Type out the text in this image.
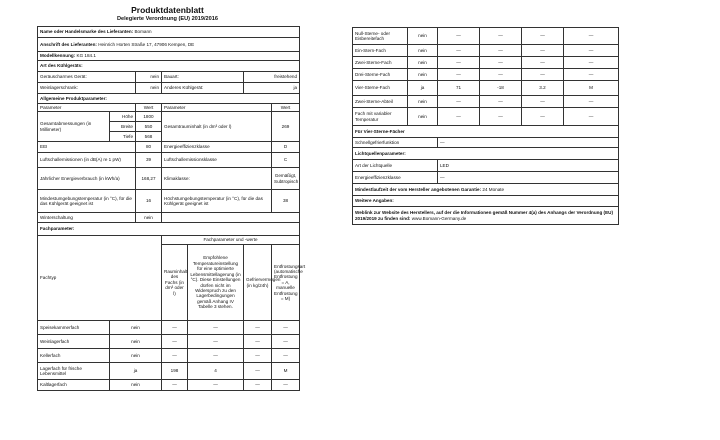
Produktdatenblatt
Delegierte Verordnung (EU) 2019/2016
Name oder Handelsmarke des Lieferanten: Bomann						
Anschrift des Lieferanten: Heinrich Horten Straße 17, 47906 Kempen, DE						
Modellkennung: KG 184.1						
Art des Kühlgeräts:						
Geräuscharmes Gerät:		nein	Bauart:		freistehend	
Weinlagerschrank:		nein	Anderes Kühlgerät:		ja	
Allgemeine Produktparameter:						
Parameter		Wert	Parameter			Wert
Gesamtabmessungen (in Millimeter)	Höhe	1800	Gesamtrauminhalt (in dm³ oder l)			269
	Breite	550				
	Tiefe	568				
EEI		80	Energieeffizienzklasse			D
Luftschallemissionen (in dB(A) re 1 pW)		39	Luftschallemissionsklasse			C
Jährlicher Energieverbrauch (in kWh/a)		168,27	Klimaklasse:			Gemäßigt,
Subtropisch
Mindestumgebungstemperatur (in °C), für die das Kühlgerät geeignet ist		16	Höchstumgebungstemperatur (in °C), für die das Kühlgerät geeignet ist			38
Winterschaltung		nein				
Fachparameter:						
Fachtyp			Fachparameter und -werte			
			Rauminhalt des Fachs (in dm³ oder l)	Empfohlene Temperatureinstellung für eine optimierte Lebensmittellagerung (in °C). Diese Einstellungen dürfen nicht im Widerspruch zu den Lagerbedingungen gemäß Anhang IV Tabelle 3 stehen.	Gefriervermögen (in kg/24h)	Entfrostungsart (automatische Entfrostung = A, manuelle Entfrostung = M)
Speisekammerfach	nein		—	—	—	—
Weinlagerfach	nein		—	—	—	—
Kellerfach	nein		—	—	—	—
Lagerfach für frische Lebensmittel	ja		198	4	—	M
Kaltlagerfach	nein		—	—	—	—
Null-Sterne- oder Eisbereitefach	nein	—	—	—	—
Ein-Stern-Fach	nein	—	—	—	—
Zwei-Sterne-Fach	nein	—	—	—	—
Drei-Sterne-Fach	nein	—	—	—	—
Vier-Sterne-Fach	ja	71	-18	3.2	M
Zwei-Sterne-Abteil	nein	—	—	—	—
Fach mit variabler Temperatur	nein	—	—	—	—
Für Vier-Sterne-Fächer					
Schnellgefrierfunktion		—			
Lichtquellenparameter:					
Art der Lichtquelle		LED			
Energieeffizienzklasse		—			
Mindestlaufzeit der vom Hersteller angebotenen Garantie: 24 Monate					
Weitere Angaben:					
Weblink zur Website des Herstellers, auf der die Informationen gemäß Nummer 4(a) des Anhangs der Verordnung (EU) 2019/2019 zu finden sind: www.Bomann-Germany.de					
